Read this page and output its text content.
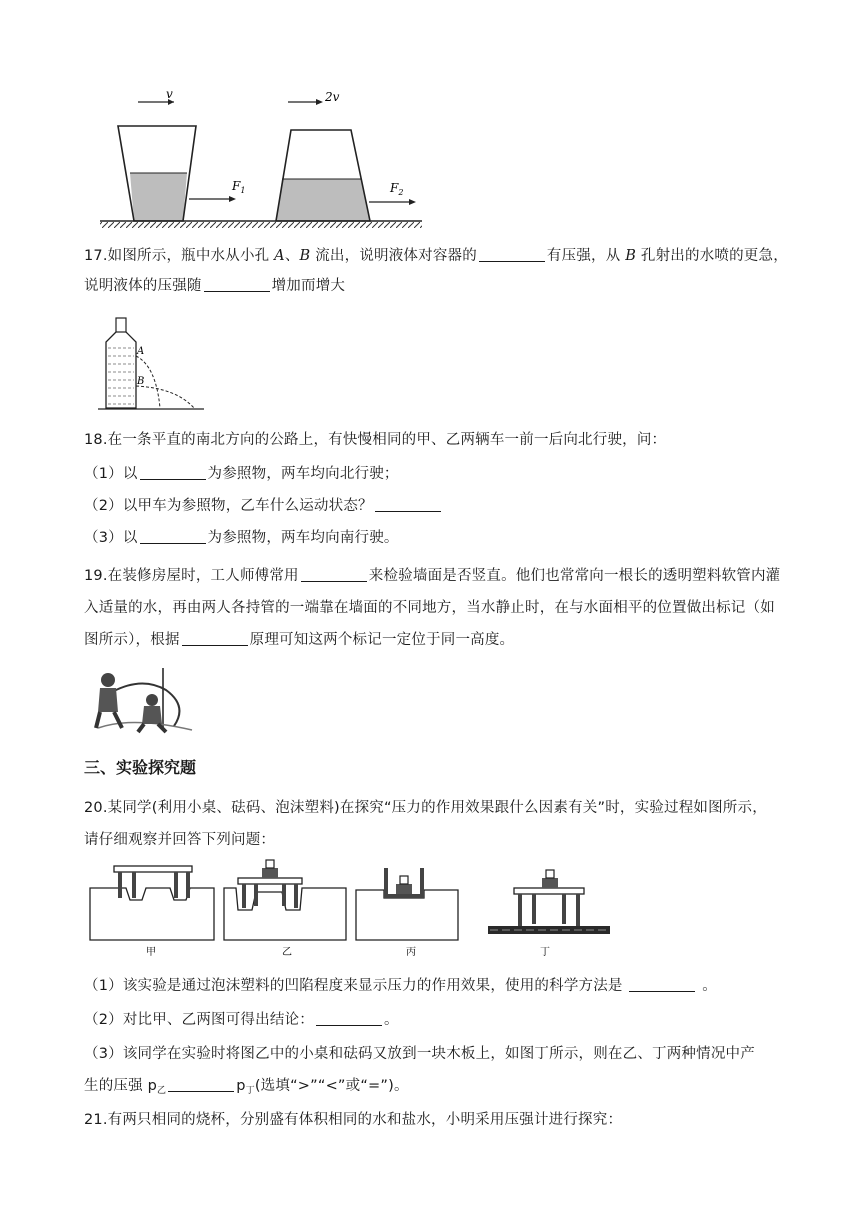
v
$F_1$
2v
$F_2$
17.如图所示，瓶中水从小孔 A、B 流出，说明液体对容器的	有压强，从 B 孔射出的水喷的更急，
说明液体的压强随	增加而增大
A
B
18.在一条平直的南北方向的公路上，有快慢相同的甲、乙两辆车一前一后向北行驶，问：
（1）以	为参照物，两车均向北行驶；
（2）以甲车为参照物，乙车什么运动状态？
（3）以	为参照物，两车均向南行驶。
19.在装修房屋时，工人师傅常用	来检验墙面是否竖直。他们也常常向一根长的透明塑料软管内灌
入适量的水，再由两人各持管的一端靠在墙面的不同地方，当水静止时，在与水面相平的位置做出标记（如
图所示），根据	原理可知这两个标记一定位于同一高度。
三、实验探究题
20.某同学(利用小桌、砝码、泡沫塑料)在探究“压力的作用效果跟什么因素有关”时，实验过程如图所示，
请仔细观察并回答下列问题：
甲	乙	丙	丁
（1）该实验是通过泡沫塑料的凹陷程度来显示压力的作用效果，使用的科学方法是	。
（2）对比甲、乙两图可得出结论：	。
（3）该同学在实验时将图乙中的小桌和砝码又放到一块木板上，如图丁所示，则在乙、丁两种情况中产
生的压强 $p_乙$	$p_丁$(选填“>”“<”或“=”)。
21.有两只相同的烧杯，分别盛有体积相同的水和盐水，小明采用压强计进行探究：
